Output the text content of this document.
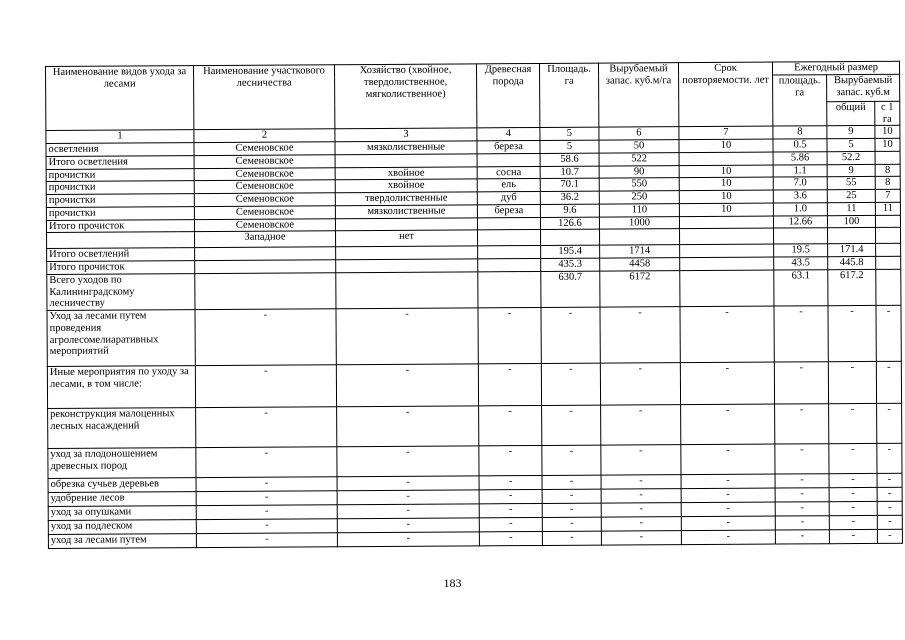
Наименование видов ухода за лесами	Наименование участкового лесничества	Хозяйство (хвойное, твердолиственное, мягколиственное)	Древесная порода	Площадь. га	Вырубаемый запас. куб.м/га	Срок повторяемости. лет	Ежегодный размер		
							площадь. га	Вырубаемый запас. куб.м	
								общий	с 1 га
1	2	3	4	5	6	7	8	9	10
осветления	Семеновское	мязколиственные	береза	5	50	10	0.5	5	10
Итого осветления	Семеновское			58.6	522		5.86	52.2	
прочистки	Семеновское	хвойное	сосна	10.7	90	10	1.1	9	8
прочистки	Семеновское	хвойное	ель	70.1	550	10	7.0	55	8
прочистки	Семеновское	твердолиственные	дуб	36.2	250	10	3.6	25	7
прочистки	Семеновское	мязколиственные	береза	9.6	110	10	1.0	11	11
Итого прочисток	Семеновское			126.6	1000		12.66	100	
	Западное	нет							
Итого осветлений				195.4	1714		19.5	171.4	
Итого прочисток				435.3	4458		43.5	445.8	
Всего уходов по Калининградскому лесничеству				630.7	6172		63.1	617.2	
Уход за лесами путем проведения агролесомелиаративных мероприятий	-	-	-	-	-	-	-	-	-
Иные мероприятия по уходу за лесами, в том числе:	-	-	-	-	-	-	-	-	-
реконструкция малоценных лесных насаждений	-	-	-	-	-	-	-	-	-
уход за плодоношением древесных пород	-	-	-	-	-	-	-	-	-
обрезка сучьев деревьев	-	-	-	-	-	-	-	-	-
удобрение лесов	-	-	-	-	-	-	-	-	-
уход за опушками	-	-	-	-	-	-	-	-	-
уход за подлеском	-	-	-	-	-	-	-	-	-
уход за лесами путем	-	-	-	-	-	-	-	-	-
183
